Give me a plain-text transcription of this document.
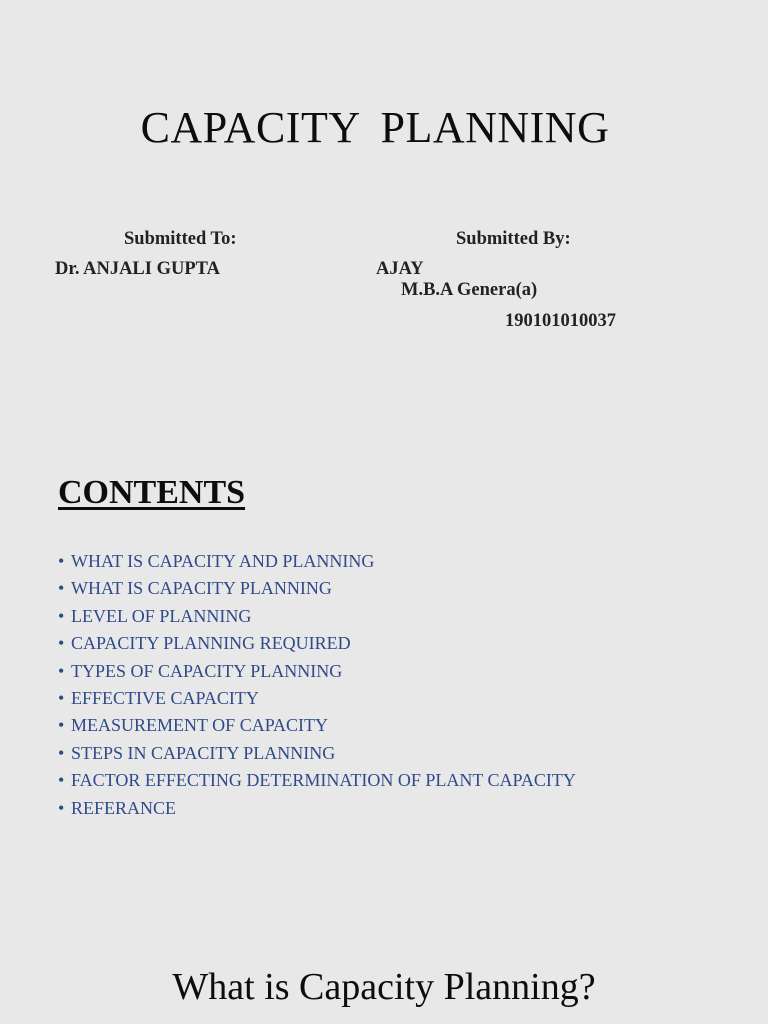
CAPACITY PLANNING
Submitted To:	Submitted By:
Dr. ANJALI GUPTA	AJAY
M.B.A Genera(a)
190101010037
CONTENTS
• WHAT IS CAPACITY AND PLANNING
• WHAT IS CAPACITY PLANNING
• LEVEL OF PLANNING
• CAPACITY PLANNING REQUIRED
• TYPES OF CAPACITY PLANNING
• EFFECTIVE CAPACITY
• MEASUREMENT OF CAPACITY
• STEPS IN CAPACITY PLANNING
• FACTOR EFFECTING DETERMINATION OF PLANT CAPACITY
• REFERANCE
What is Capacity Planning?
